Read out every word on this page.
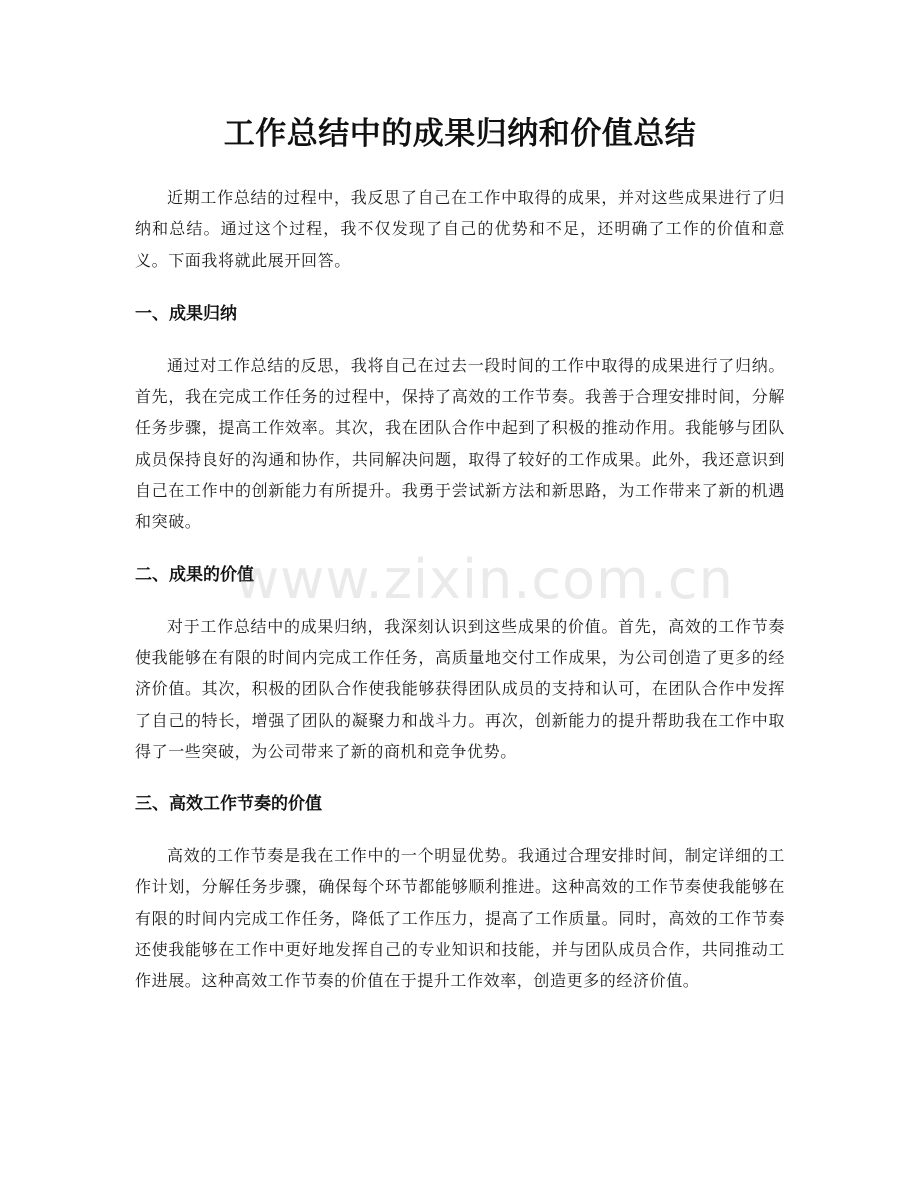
工作总结中的成果归纳和价值总结

近期工作总结的过程中，我反思了自己在工作中取得的成果，并对这些成果进行了归纳和总结。通过这个过程，我不仅发现了自己的优势和不足，还明确了工作的价值和意义。下面我将就此展开回答。

一、成果归纳

通过对工作总结的反思，我将自己在过去一段时间的工作中取得的成果进行了归纳。首先，我在完成工作任务的过程中，保持了高效的工作节奏。我善于合理安排时间，分解任务步骤，提高工作效率。其次，我在团队合作中起到了积极的推动作用。我能够与团队成员保持良好的沟通和协作，共同解决问题，取得了较好的工作成果。此外，我还意识到自己在工作中的创新能力有所提升。我勇于尝试新方法和新思路，为工作带来了新的机遇和突破。

二、成果的价值

对于工作总结中的成果归纳，我深刻认识到这些成果的价值。首先，高效的工作节奏使我能够在有限的时间内完成工作任务，高质量地交付工作成果，为公司创造了更多的经济价值。其次，积极的团队合作使我能够获得团队成员的支持和认可，在团队合作中发挥了自己的特长，增强了团队的凝聚力和战斗力。再次，创新能力的提升帮助我在工作中取得了一些突破，为公司带来了新的商机和竞争优势。

三、高效工作节奏的价值

高效的工作节奏是我在工作中的一个明显优势。我通过合理安排时间，制定详细的工作计划，分解任务步骤，确保每个环节都能够顺利推进。这种高效的工作节奏使我能够在有限的时间内完成工作任务，降低了工作压力，提高了工作质量。同时，高效的工作节奏还使我能够在工作中更好地发挥自己的专业知识和技能，并与团队成员合作，共同推动工作进展。这种高效工作节奏的价值在于提升工作效率，创造更多的经济价值。

www.zixin.com.cn
